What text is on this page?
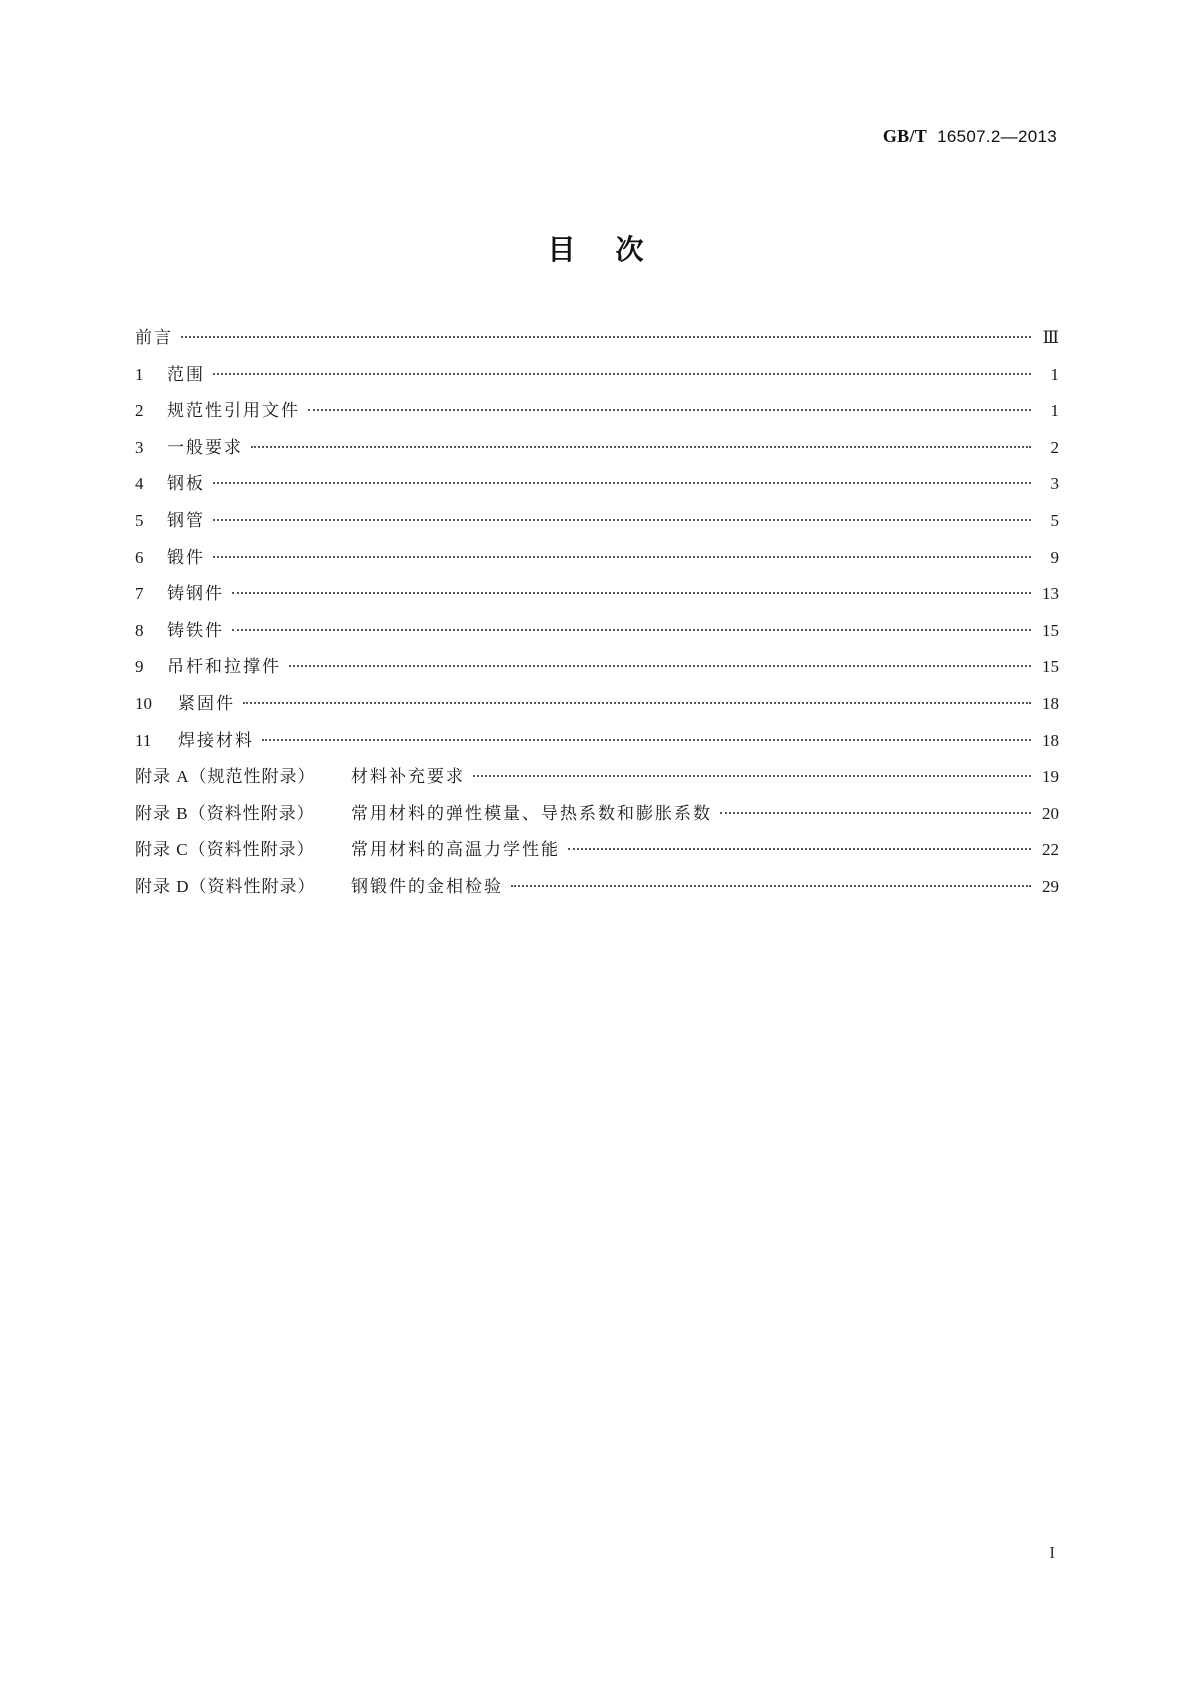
GB/T 16507.2—2013
目次
前言	Ⅲ
1	范围	1
2	规范性引用文件	1
3	一般要求	2
4	钢板	3
5	钢管	5
6	锻件	9
7	铸钢件	13
8	铸铁件	15
9	吊杆和拉撑件	15
10	紧固件	18
11	焊接材料	18
附录 A（规范性附录）	材料补充要求	19
附录 B（资料性附录）	常用材料的弹性模量、导热系数和膨胀系数	20
附录 C（资料性附录）	常用材料的高温力学性能	22
附录 D（资料性附录）	钢锻件的金相检验	29
I
